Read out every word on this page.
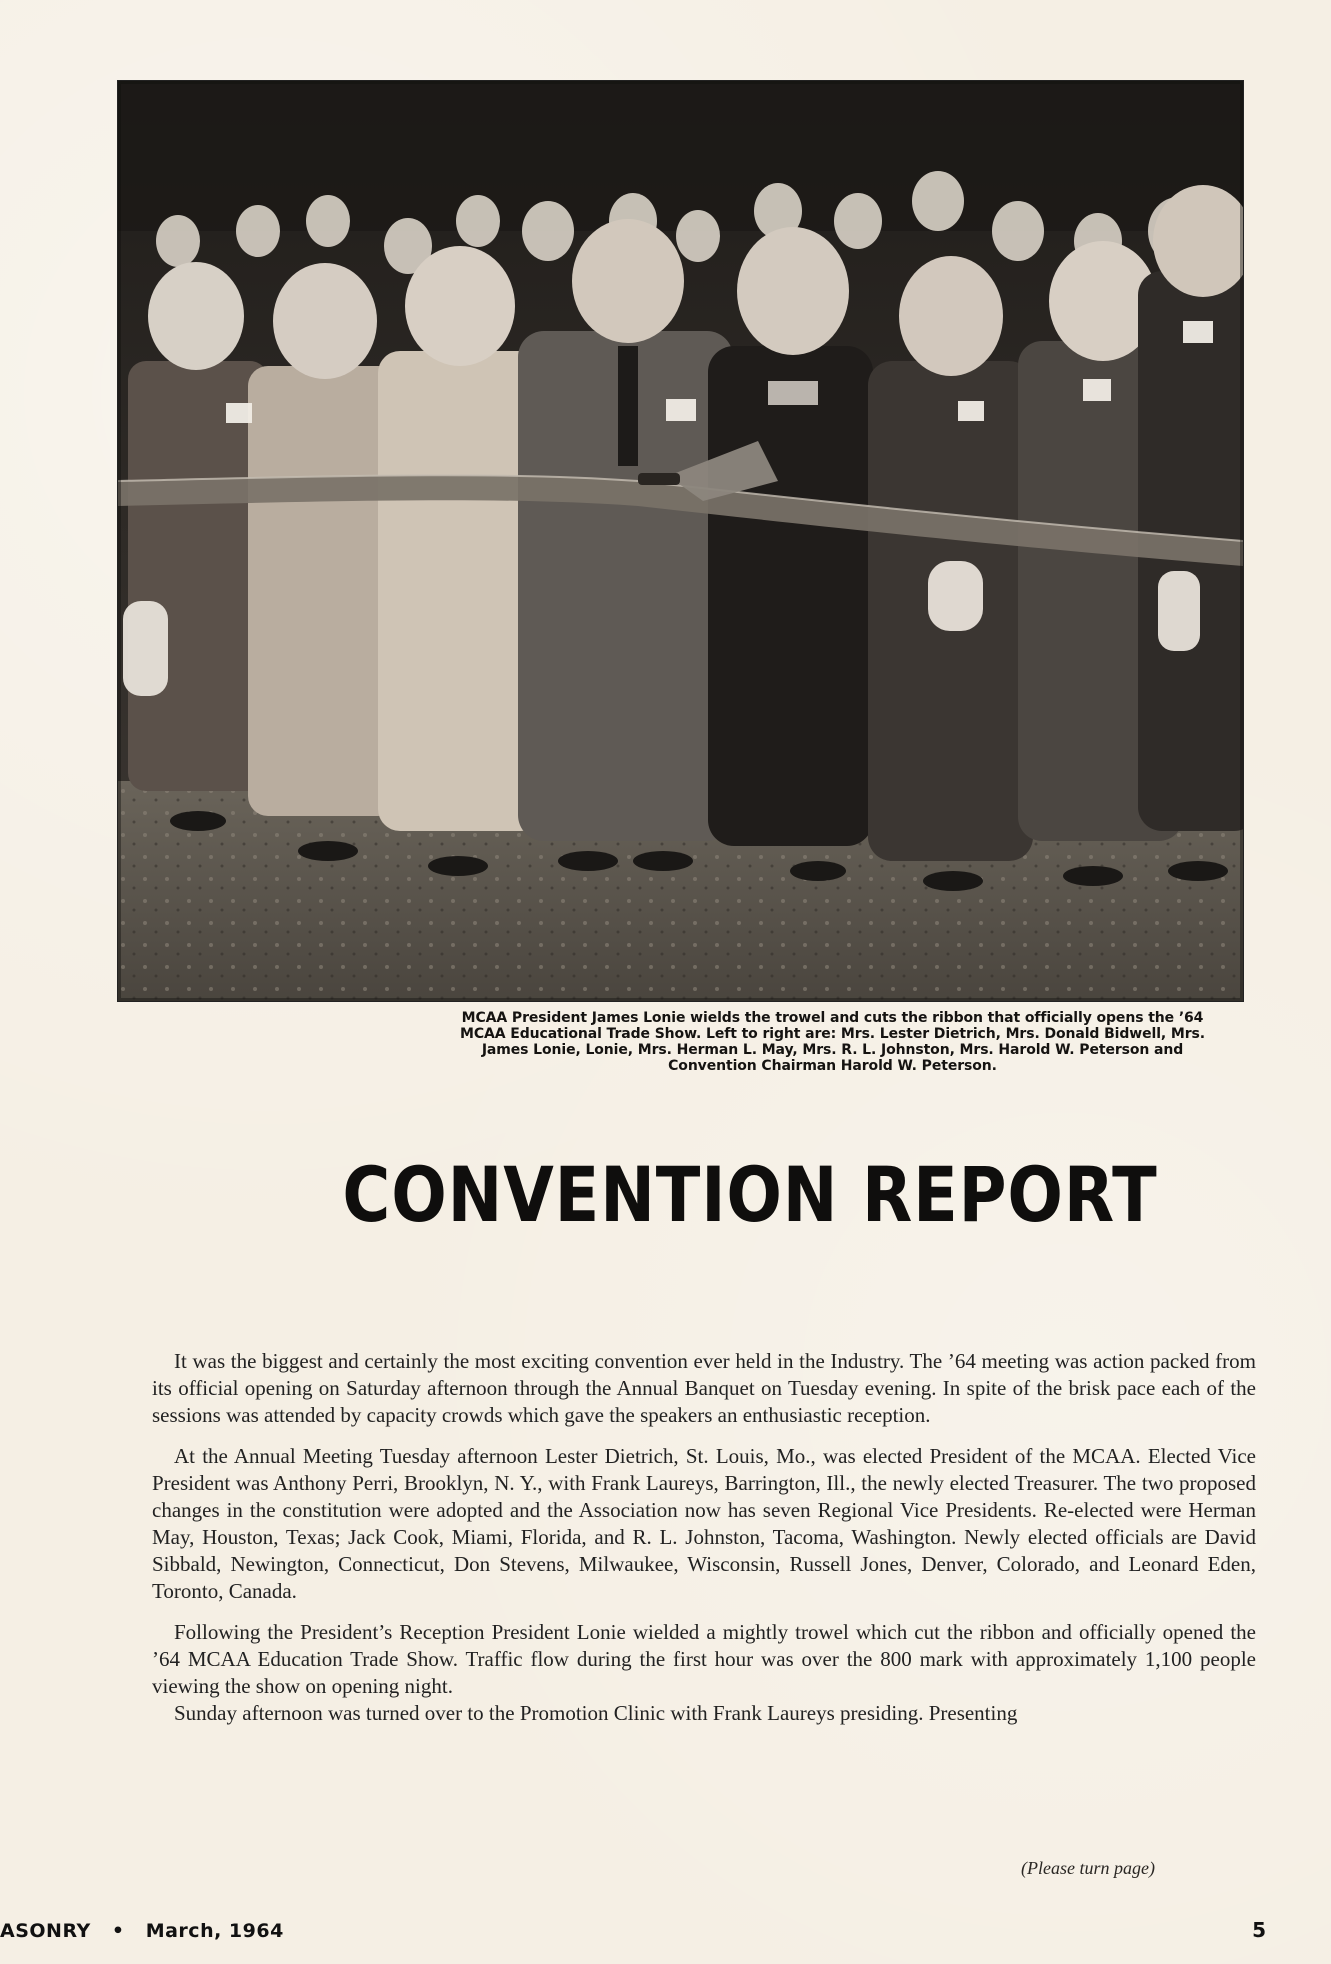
MCAA President James Lonie wields the trowel and cuts the ribbon that officially opens the ’64
MCAA Educational Trade Show. Left to right are: Mrs. Lester Dietrich, Mrs. Donald Bidwell, Mrs.
James Lonie, Lonie, Mrs. Herman L. May, Mrs. R. L. Johnston, Mrs. Harold W. Peterson and
Convention Chairman Harold W. Peterson.
CONVENTION REPORT

It was the biggest and certainly the most exciting convention ever held in the Industry. The ’64 meeting was action packed from its official opening on Saturday afternoon through the Annual Banquet on Tuesday evening. In spite of the brisk pace each of the sessions was attended by capacity crowds which gave the speakers an enthusiastic reception.

At the Annual Meeting Tuesday afternoon Lester Dietrich, St. Louis, Mo., was elected President of the MCAA. Elected Vice President was Anthony Perri, Brooklyn, N. Y., with Frank Laureys, Barrington, Ill., the newly elected Treasurer. The two proposed changes in the constitution were adopted and the Association now has seven Regional Vice Presidents. Re-elected were Herman May, Houston, Texas; Jack Cook, Miami, Florida, and R. L. Johnston, Tacoma, Washington. Newly elected officials are David Sibbald, Newington, Connecticut, Don Stevens, Milwaukee, Wisconsin, Russell Jones, Denver, Colorado, and Leonard Eden, Toronto, Canada.

Following the President’s Reception President Lonie wielded a mightly trowel which cut the ribbon and officially opened the ’64 MCAA Education Trade Show. Traffic flow during the first hour was over the 800 mark with approximately 1,100 people viewing the show on opening night.

Sunday afternoon was turned over to the Promotion Clinic with Frank Laureys presiding. Presenting

(Please turn page)
ASONRY • March, 1964	5
